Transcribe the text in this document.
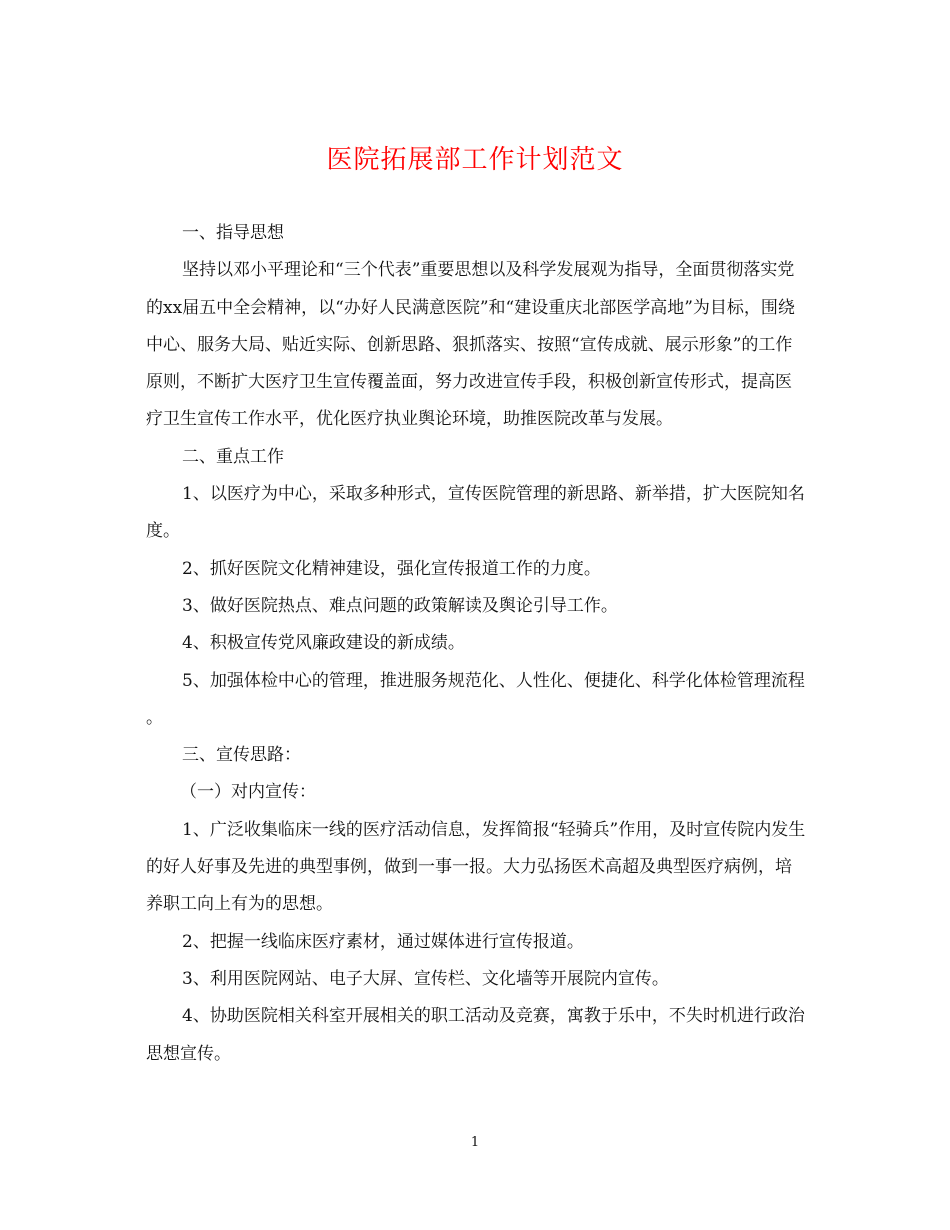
医院拓展部工作计划范文

一、指导思想

坚持以邓小平理论和“三个代表”重要思想以及科学发展观为指导，全面贯彻落实党的xx届五中全会精神，以“办好人民满意医院”和“建设重庆北部医学高地”为目标，围绕中心、服务大局、贴近实际、创新思路、狠抓落实、按照“宣传成就、展示形象”的工作原则，不断扩大医疗卫生宣传覆盖面，努力改进宣传手段，积极创新宣传形式，提高医疗卫生宣传工作水平，优化医疗执业舆论环境，助推医院改革与发展。

二、重点工作

1、以医疗为中心，采取多种形式，宣传医院管理的新思路、新举措，扩大医院知名度。

2、抓好医院文化精神建设，强化宣传报道工作的力度。

3、做好医院热点、难点问题的政策解读及舆论引导工作。

4、积极宣传党风廉政建设的新成绩。

5、加强体检中心的管理，推进服务规范化、人性化、便捷化、科学化体检管理流程 。

三、宣传思路：

（一）对内宣传：

1、广泛收集临床一线的医疗活动信息，发挥简报“轻骑兵”作用，及时宣传院内发生的好人好事及先进的典型事例，做到一事一报。大力弘扬医术高超及典型医疗病例，培养职工向上有为的思想。

2、把握一线临床医疗素材，通过媒体进行宣传报道。

3、利用医院网站、电子大屏、宣传栏、文化墙等开展院内宣传。

4、协助医院相关科室开展相关的职工活动及竞赛，寓教于乐中，不失时机进行政治思想宣传。

1
